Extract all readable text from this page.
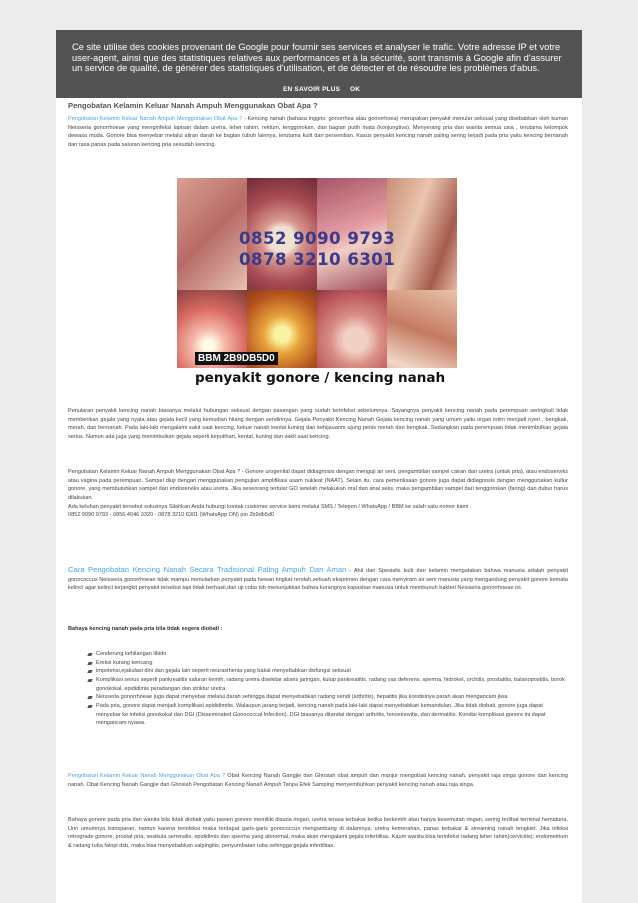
Ce site utilise des cookies provenant de Google pour fournir ses services et analyser le trafic. Votre adresse IP et votre user-agent, ainsi que des statistiques relatives aux performances et à la sécurité, sont transmis à Google afin d'assurer un service de qualité, de générer des statistiques d'utilisation, et de détecter et de résoudre les problèmes d'abus.
EN SAVOIR PLUS OK
Pengobatan Kelamin Keluar Nanah Ampuh Menggunakan Obat Apa ?
Pengobatan Kelamin Keluar Nanah Ampuh Menggunakan Obat Apa ? - Kencing nanah (bahasa inggris: gonorrhea atau gonorrhoea) merupakan penyakit menular seksual yang disebabkan oleh kuman Neisseria gonorrhoeae yang menginfeksi lapisan dalam uretra, leher rahim, rektum, tenggorokan, dan bagian putih mata (konjungtiva). Menyerang pria dan wanita semua usia , terutama kelompok dewasa muda. Gonore bisa menyebar melalui aliran darah ke bagian tubuh lainnya, terutama kulit dan persendian. Kasus penyakit kencing nanah paling sering terjadi pada pria yaitu kencing bernanah dan rasa panas pada saluran kencing pria sesudah kencing.
0852 9090 9793
0878 3210 6301
BBM 2B9DB5D0
penyakit gonore / kencing nanah
Penularan penyakit kencing nanah biasanya melalui hubungan seksual dengan pasangan yang sudah terinfeksi sebelumnya. Sayangnya penyakit kencing nanah pada perempuan seringkali tidak memberikan gejala yang nyata atau gejala kecil yang kemudian hilang dengan sendirinya. Gejala Penyakit Kencing Nanah Gejala kencing nanah yang umum yaitu organ intim menjadi nyeri , bengkak, merah, dan bernanah. Pada laki-laki mengalami sakit saat kencing, keluar nanah kental kuning dan kehijauanm ujung penis merah dan bengkak. Sedangkan pada perempuan tidak menimbulkan gejala serius. Namun ada juga yang menimbulkan gejala seperti keputihan, kental, kuning dan sakit saat kencing.
Pengobatan Kelamin Keluar Nanah Ampuh Menggunakan Obat Apa ? - Gonore urogenital dapat didiagnosis dengan menguji air seni, pengambilan sampel cairan dari uretra (untuk pria), atau endoserviks atau vagina pada perempuan. Sampel diuji dengan menggunakan pengujian amplifikasi asam nukleat (NAAT). Selain itu, cara pemeriksaan gonore juga dapat didiagnosis dengan menggunakan kultur gonore, yang membutuhkan sampel dari endoserviks atau uretra. Jika seseorang tertular GO setelah melakukan oral dan anal seks, maka pengambilan sampel dari tenggorokan (faring) dan dubur harus dilakukan.
Ada keluhan penyakit tersebut solusinya Silahkan Anda hubungi kontak customer service kami melalui SMS / Telepon / WhatsApp / BBM ke salah satu nomor kami
0852 9090 9793 - 0856 4046 3320 - 0878 3210 6301 (WhatsApp ON) pin 2b9db5d0
Cara Pengobatan Kencing Nanah Secara Tradisional Paling Ampuh Dan Aman - Ahli dari Spesialis kulit dan kelamin mengatakan bahwa manusia adalah penyakit gonococcus Neisseria gonorrhoeae tidak mampu menularkan penyakit pada hewan tingkat rendah,sebuah eksprimen dengan cara menyiram air seni manusia yang mengandung penyakit gonore kemata kelinci agar kelinci terjangkit penyakit tersebut tapi tidak berhasil,dari uji coba tsb menunjukkan bahwa kurangnya kapasitas manusia untuk membunuh bakteri Neisseria gonorrhoeae ini.
Bahaya kencing nanah pada pria bila tidak segera diobati :
Cenderung kehilangan libido
Ereksi kurang kencang
impotensi,ejakulasi dini dan gejala lain seperti neurasthenia yang bakal menyebabkan disfungsi seksual
Komplikasi serius seperti pankreatitis saluran kemih, radang uretra disekitar abses jaringan, kulup pankreatitis, radang vas deferens, sperma, hidrokel, orchitis, prostatitis, balanopostitis, borok gonokokal, epididimis peradangan dan striktur uretra.
Neisseria gonorrhoeae juga dapat menyebar melalui darah sehingga dapat menyebabkan radang sendi (arthritis), hepatitis jika kondisinya parah akan mengancam jiwa.
Pada pria, gonore dapat menjadi komplikasi epididimitis. Walaupun jarang terjadi, kencing nanah pada laki-laki dapat menyebabkan kemandulan. Jika tidak diobati, gonore juga dapat menyebar ke infeksi gonokokal dan DGI (Disseminated Gonococcal Infection). DGI biasanya ditandai dengan arthritis, tenosinovitis, dan dermatitis. Kondisi komplikasi gonore ini dapat mengancam nyawa.
Pengobatan Kelamin Keluar Nanah Menggunakan Obat Apa ? Obat Kencing Nanah Gangjie dan Ghosiah obat ampuh dan manjur mengobati kencing nanah, penyakit raja singa gonore dan kencing nanah. Obat Kencing Nanah Gangjie dan Ghosiah Pengobatan Kencing Nanah Ampuh Tanpa Efek Samping menyembuhkan penyakit kencing nanah atau raja singa.
Bahaya gonore pada pria dan wanita bila tidak diobati yaitu pasien gonore memiliki disuria ringan, uretra terasa terbakar ketika berkemih atau hanya kesemutan ringan, sering terlihat terminal hematuria. Urin umumnya transparan, namun karena terinfeksi maka terdapat garis-garis gonococcus mengambang di dalamnya, uretra kemerahan, panas terbakar & streaming nanah tengkiet. Jika infeksi retrograde gonore, prostat pria, vesikula seminalis, epididimis dan sperma yang abnormal, maka akan mengalami gejala infertilitas. Kaum wanita bisa terinfeksi radang leher rahim(cervicitis); endometrium & radang tuba falopi dsb, maka bisa menyebabkan salpingitis, penyumbatan tuba sehingga gejala infertilitas.
